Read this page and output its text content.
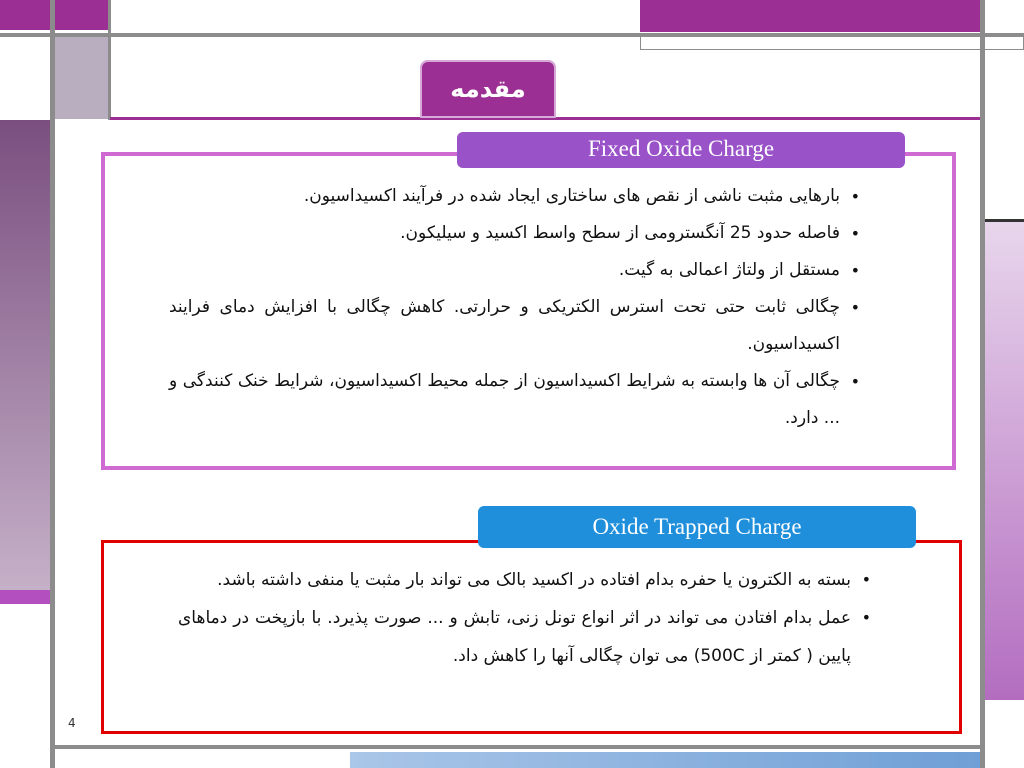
مقدمه
•
بارهایی مثبت ناشی از نقص های ساختاری ایجاد شده در فرآیند اکسیداسیون.
•
فاصله حدود 25 آنگسترومی از سطح واسط اکسید و سیلیکون.
•
مستقل از ولتاژ اعمالی به گیت.
•
چگالی ثابت حتی تحت استرس الکتریکی و حرارتی. کاهش چگالی با افزایش دمای فرایند اکسیداسیون.
•
چگالی آن ها وابسته به شرایط اکسیداسیون از جمله محیط اکسیداسیون، شرایط خنک کنندگی و ... دارد.
Fixed Oxide Charge
•
بسته به الکترون یا حفره بدام افتاده در اکسید بالک می تواند بار مثبت یا منفی داشته باشد.
•
عمل بدام افتادن می تواند در اثر انواع تونل زنی، تابش و ... صورت پذیرد. با بازپخت در دماهای پایین ( کمتر از 500C) می توان چگالی آنها را کاهش داد.
Oxide Trapped Charge
4
